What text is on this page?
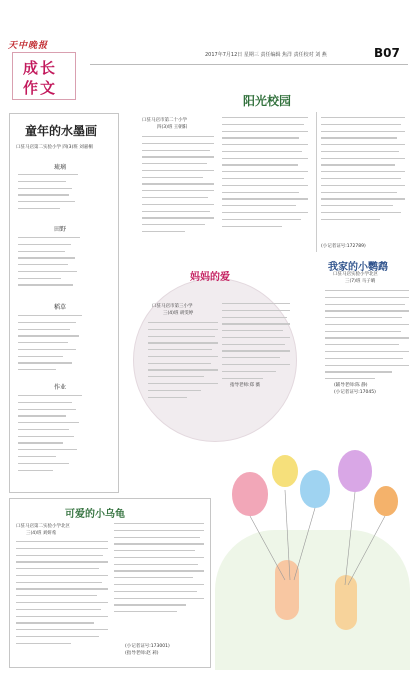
天中晚报
成长
作文
2017年7月12日 星期三 责任编辑 焦洋 责任校对 刘 燕	B07
童年的水墨画
口驻马店第二实验小学 四(3)班 刘嘉桐
琉璃
田野
稻草
作业
口驻马店市第二十小学
四(3)班 王朝阳
阳光校园
(小记者证号:172789)
妈妈的爱
口驻马店市第三小学
三(4)班 胡雯婷
指导老师:郑 薇
我家的小鹦鹉
口驻马店实验小学北区
三(7)班 马子晴
(辅导老师:陈 静)
(小记者证号:17045)
可爱的小乌龟
口驻马店第二实验小学北区
三(4)班 刘妍希
(小记者证号:173001)
(指导老师:赵 莉)
